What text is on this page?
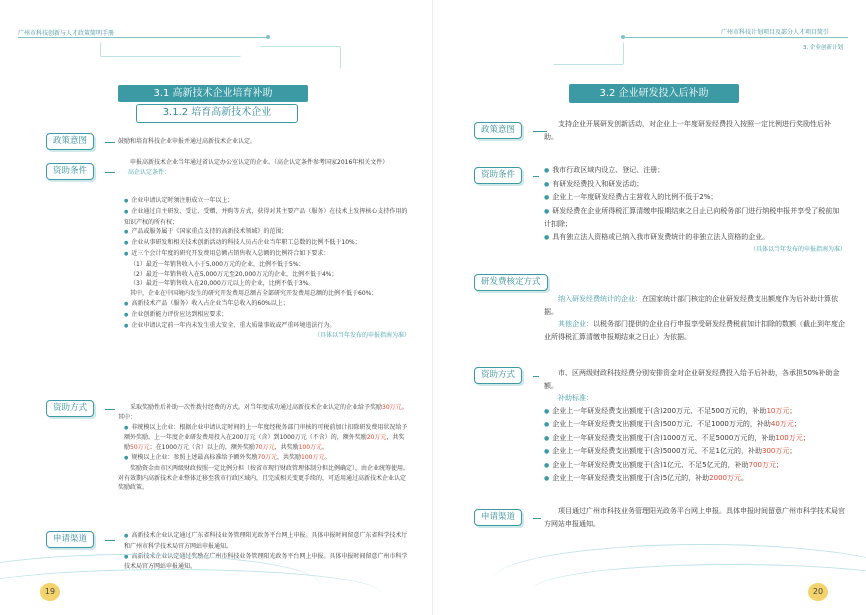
广州市科技创新与人才政策简明手册
3.1 高新技术企业培育补助
3.1.2 培育高新技术企业
政策意图	鼓励和培育科技企业申报并通过高新技术企业认定。
资助条件

申报高新技术企业当年通过省认定办公室认定的企业。（高企认定条件参考国家2016年相关文件）

高企认定条件：

● 企业申请认定时须注册成立一年以上；

● 企业通过自主研发、受让、受赠、并购等方式，获得对其主要产品（服务）在技术上发挥核心支持作用的知识产权的所有权；

● 产品或服务属于《国家重点支持的高新技术领域》的范围；

● 企业从事研发和相关技术创新活动的科技人员占企业当年职工总数的比例不低于10%；

● 近三个会计年度的研究开发费用总额占销售收入总额的比例符合如下要求：

（1）最近一年销售收入小于5,000万元的企业，比例不低于5%；

（2）最近一年销售收入在5,000万元至20,000万元的企业，比例不低于4%；

（3）最近一年销售收入在20,000万元以上的企业，比例不低于3%。

其中，企业在中国境内发生的研究开发费用总额占全部研究开发费用总额的比例不低于60%；

● 高新技术产品（服务）收入占企业当年总收入的60%以上；

● 企业创新能力评价应达到相应要求；

● 企业申请认定前一年内未发生重大安全、重大质量事故或严重环境违法行为。

（具体以当年发布的申报指南为准）

资助方式	采取奖励性后补助一次性拨付经费的方式。对当年度成功通过高新技术企业认定的企业给予奖励30万元。其中：

● 非统模以上企业：根据企业申请认定时间的上一年度经税务部门审核的可税前加计扣除研发费用状况给予额外奖励。上一年度企业研发费用投入在200万元（含）到1000万元（不含）的，额外奖励20万元，共奖励50万元；在1000万元（含）以上的，额外奖励70万元，共奖励100万元。

● 规模以上企业：参照上述最高标准给予额外奖励70万元，共奖励100万元。

奖励资金由市区两级财政按照一定比例分担（按省市现行财政管理体制分担比例确定），由企业统筹使用。对有效期内高新技术企业整体迁移至我市行政区域内，且完成相关变更手续的，可适用通过高新技术企业认定奖励政策。

申请渠道	● 高新技术企业认定通过广东省科技业务管理阳光政务平台网上申报。具体申报时间留意广东省科学技术厅和广州市科学技术局官方网站申报通知。

● 高新技术企业认定通过奖励在广州市科技业务管理阳光政务平台网上申报。具体申报时间留意广州市科学技术局官方网站申报通知。

19
广州市科技计划项目及部分人才项目简引
3. 企业创新计划
3.2 企业研发投入后补助
政策意图

支持企业开展研发创新活动，对企业上一年度研发经费投入按照一定比例进行奖励性后补助。

资助条件	● 我市行政区域内设立、登记、注册；

● 有研发经费投入和研发活动；

● 企业上一年度研发经费占主营收入的比例不低于2%；

● 研发经费在企业所得税汇算清缴申报期结束之日止已向税务部门进行纳税申报并享受了税前加计扣除；

● 具有独立法人资格或已纳入我市研发费统计的非独立法人资格的企业。

（具体以当年发布的申报指南为准）

研发费核定方式

纳入研发经费统计的企业：在国家统计部门核定的企业研发经费支出额度作为后补助计算依据。

其他企业：以税务部门提供的企业自行申报享受研发经费税前加计扣除的数额（截止到年度企业所得税汇算清缴申报期结束之日止）为依据。

资助方式	市、区两级财政科技经费分别安排资金对企业研发经费投入给予后补助，各承担50%补助金额。

补助标准：

● 企业上一年研发经费支出额度于(含)200万元、不足500万元的，补助10万元；

● 企业上一年研发经费支出额度于(含)500万元、不足1000万元的，补助40万元；

● 企业上一年研发经费支出额度于(含)1000万元、不足5000万元的，补助100万元；

● 企业上一年研发经费支出额度于(含)5000万元、不足1亿元的，补助300万元；

● 企业上一年研发经费支出额度于(含)1亿元、不足5亿元的，补助700万元；

● 企业上一年研发经费支出额度于(含)5亿元的，补助2000万元。

申请渠道

项目通过广州市科技业务管理阳光政务平台网上申报。具体申报时间留意广州市科学技术局官方网站申报通知。

20
